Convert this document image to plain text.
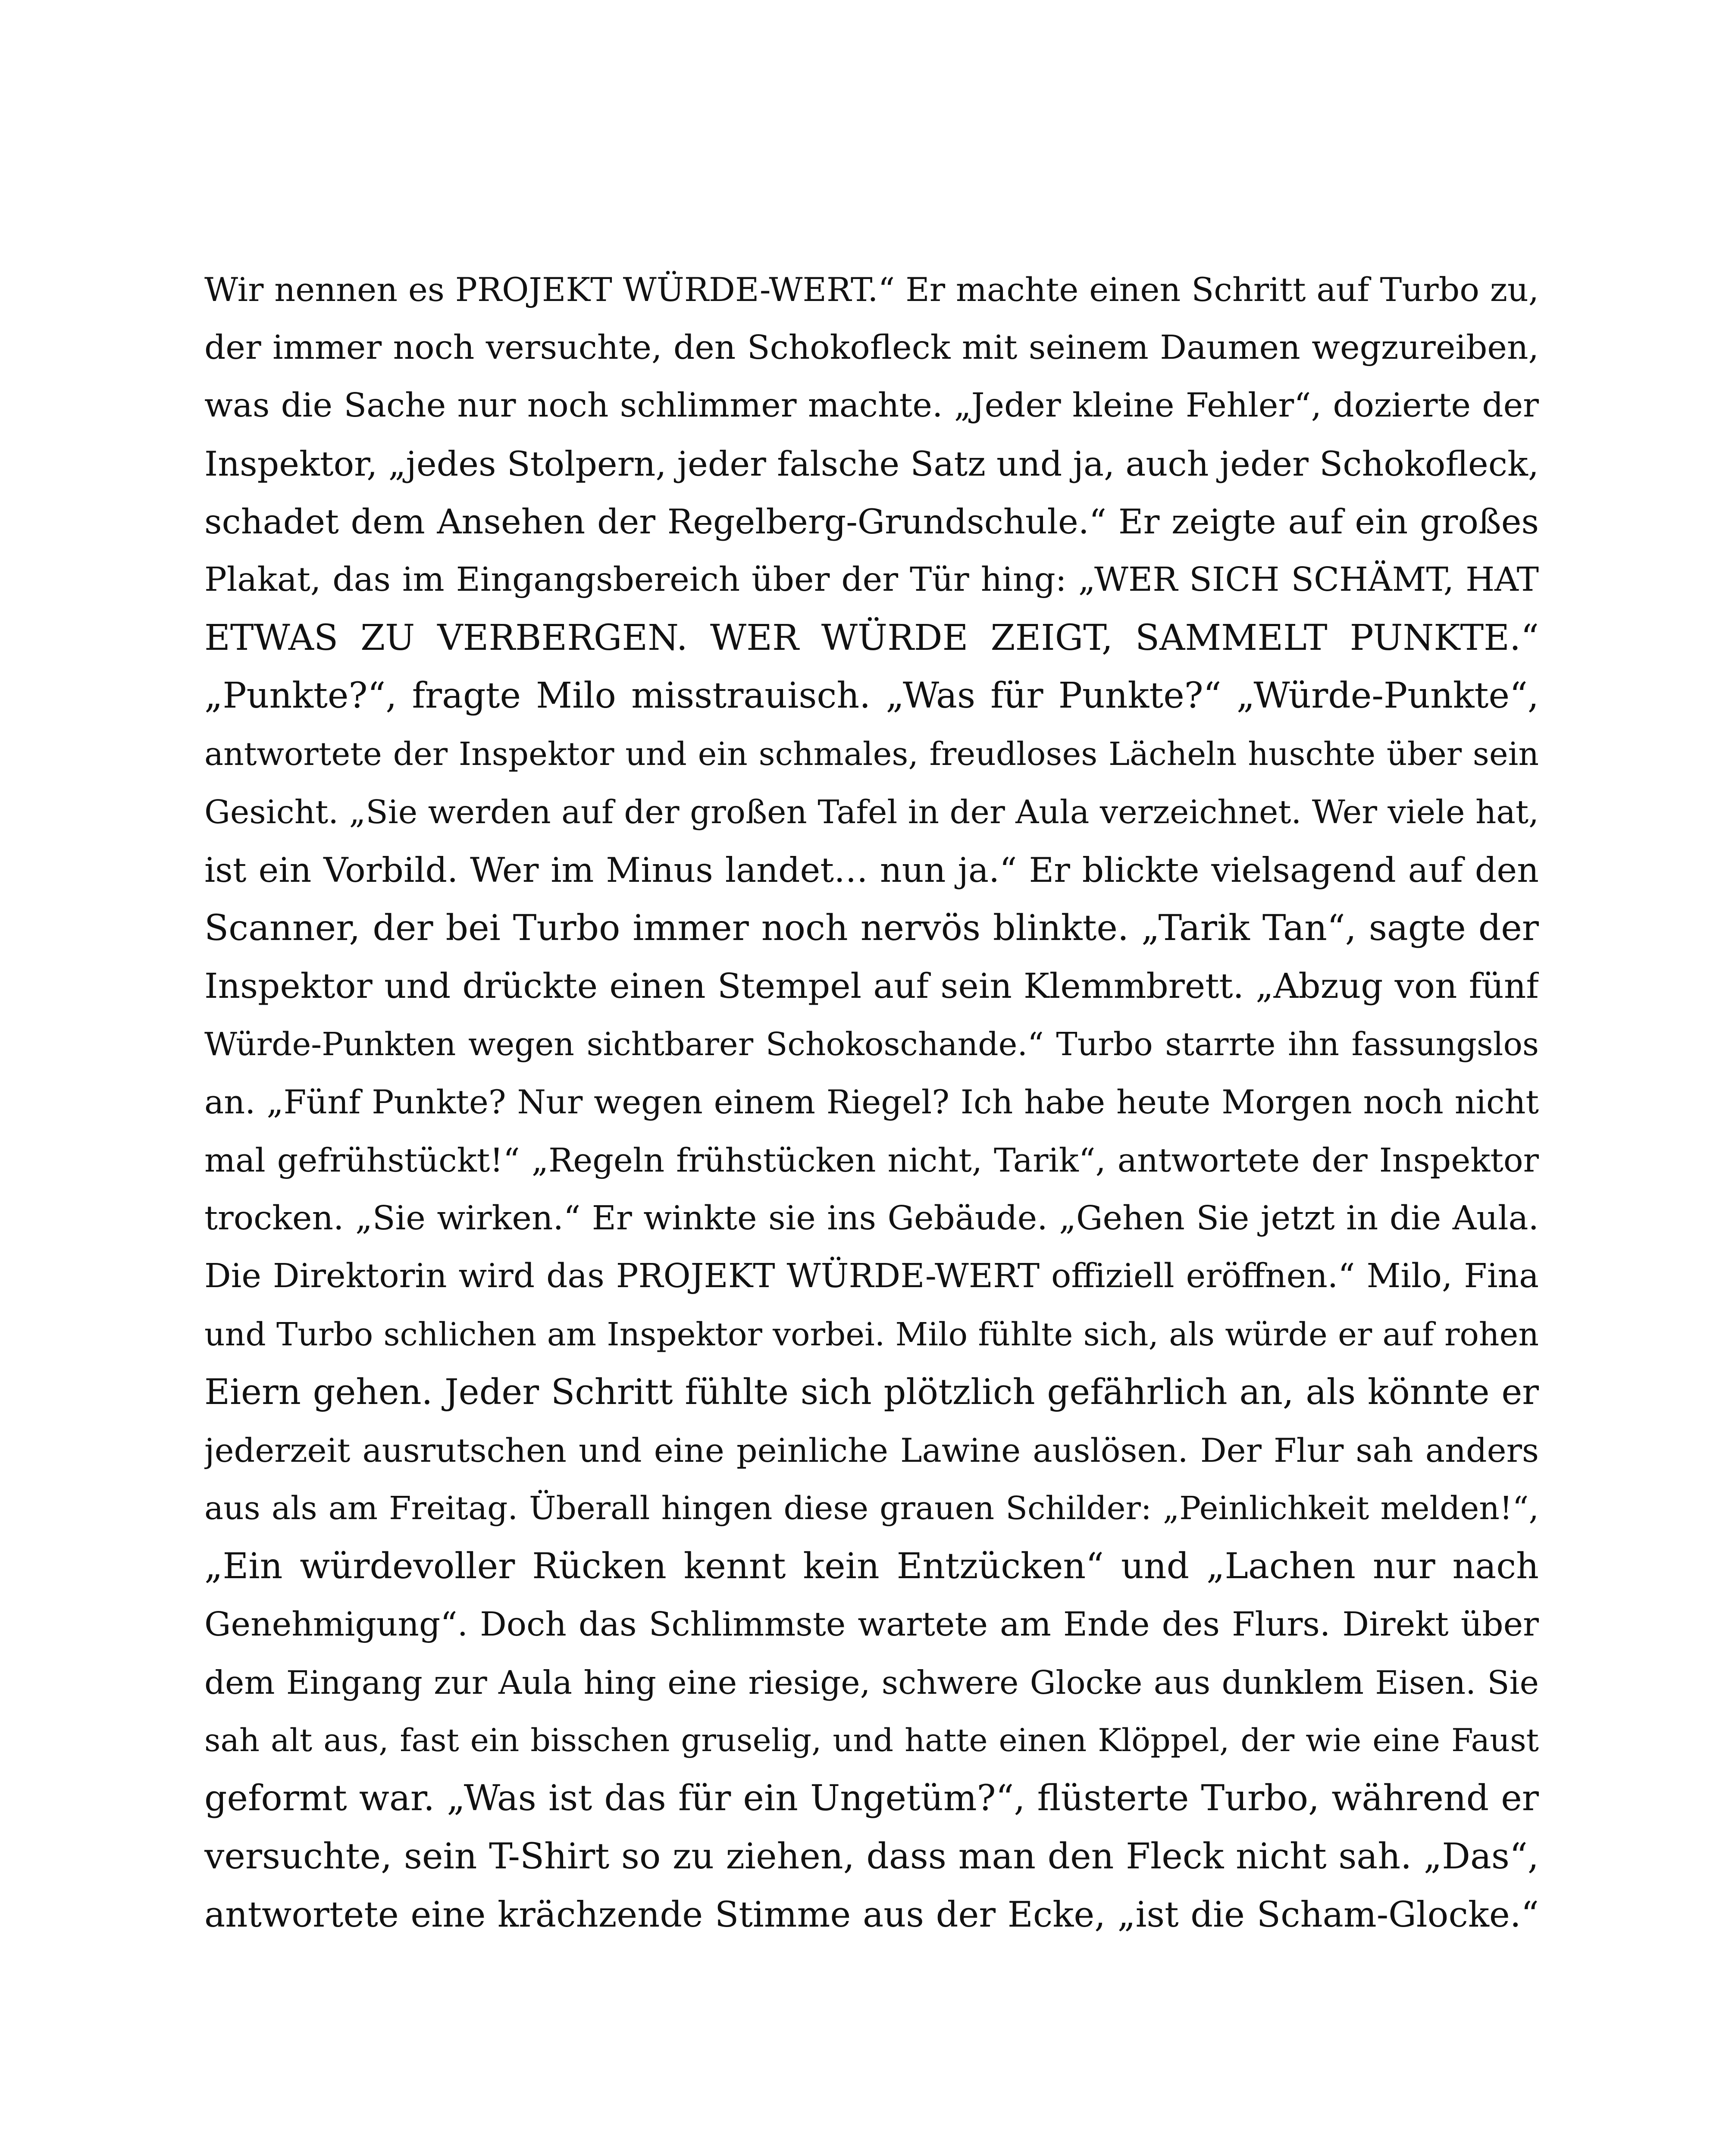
Wir nennen es PROJEKT WÜRDE-WERT.“ Er machte einen Schritt auf Turbo zu,
der immer noch versuchte, den Schokofleck mit seinem Daumen wegzureiben,
was die Sache nur noch schlimmer machte. „Jeder kleine Fehler“, dozierte der
Inspektor, „jedes Stolpern, jeder falsche Satz und ja, auch jeder Schokofleck,
schadet dem Ansehen der Regelberg-Grundschule.“ Er zeigte auf ein großes
Plakat, das im Eingangsbereich über der Tür hing: „WER SICH SCHÄMT, HAT
ETWAS ZU VERBERGEN. WER WÜRDE ZEIGT, SAMMELT PUNKTE.“
„Punkte?“, fragte Milo misstrauisch. „Was für Punkte?“ „Würde-Punkte“,
antwortete der Inspektor und ein schmales, freudloses Lächeln huschte über sein
Gesicht. „Sie werden auf der großen Tafel in der Aula verzeichnet. Wer viele hat,
ist ein Vorbild. Wer im Minus landet… nun ja.“ Er blickte vielsagend auf den
Scanner, der bei Turbo immer noch nervös blinkte. „Tarik Tan“, sagte der
Inspektor und drückte einen Stempel auf sein Klemmbrett. „Abzug von fünf
Würde-Punkten wegen sichtbarer Schokoschande.“ Turbo starrte ihn fassungslos
an. „Fünf Punkte? Nur wegen einem Riegel? Ich habe heute Morgen noch nicht
mal gefrühstückt!“ „Regeln frühstücken nicht, Tarik“, antwortete der Inspektor
trocken. „Sie wirken.“ Er winkte sie ins Gebäude. „Gehen Sie jetzt in die Aula.
Die Direktorin wird das PROJEKT WÜRDE-WERT offiziell eröffnen.“ Milo, Fina
und Turbo schlichen am Inspektor vorbei. Milo fühlte sich, als würde er auf rohen
Eiern gehen. Jeder Schritt fühlte sich plötzlich gefährlich an, als könnte er
jederzeit ausrutschen und eine peinliche Lawine auslösen. Der Flur sah anders
aus als am Freitag. Überall hingen diese grauen Schilder: „Peinlichkeit melden!“,
„Ein würdevoller Rücken kennt kein Entzücken“ und „Lachen nur nach
Genehmigung“. Doch das Schlimmste wartete am Ende des Flurs. Direkt über
dem Eingang zur Aula hing eine riesige, schwere Glocke aus dunklem Eisen. Sie
sah alt aus, fast ein bisschen gruselig, und hatte einen Klöppel, der wie eine Faust
geformt war. „Was ist das für ein Ungetüm?“, flüsterte Turbo, während er
versuchte, sein T-Shirt so zu ziehen, dass man den Fleck nicht sah. „Das“,
antwortete eine krächzende Stimme aus der Ecke, „ist die Scham-Glocke.“
